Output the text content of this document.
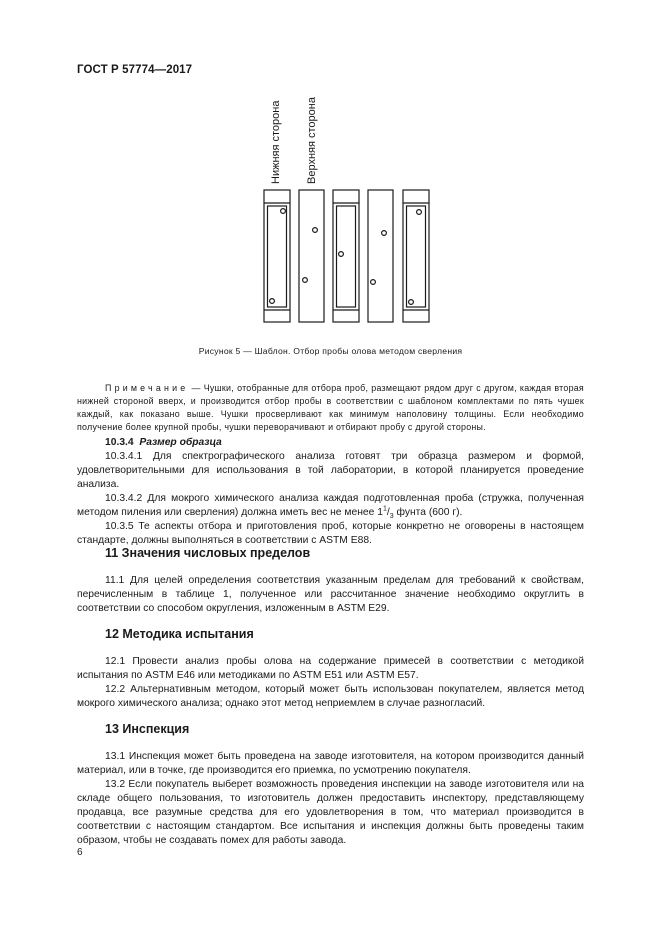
ГОСТ Р 57774—2017
Нижняя сторона Верхняя сторона
Рисунок 5 — Шаблон. Отбор пробы олова методом сверления

Примечание — Чушки, отобранные для отбора проб, размещают рядом друг с другом, каждая вторая нижней стороной вверх, и производится отбор пробы в соответствии с шаблоном комплектами по пять чушек каждый, как показано выше. Чушки просверливают как минимум наполовину толщины. Если необходимо получение более крупной пробы, чушки переворачивают и отбирают пробу с другой стороны.

10.3.4 Размер образца

10.3.4.1 Для спектрографического анализа готовят три образца размером и формой, удовлетворительными для использования в той лаборатории, в которой планируется проведение анализа.

10.3.4.2 Для мокрого химического анализа каждая подготовленная проба (стружка, полученная методом пиления или сверления) должна иметь вес не менее $1^1/_3$ фунта (600 г).

10.3.5 Те аспекты отбора и приготовления проб, которые конкретно не оговорены в настоящем стандарте, должны выполняться в соответствии с ASTM E88.

11 Значения числовых пределов

11.1 Для целей определения соответствия указанным пределам для требований к свойствам, перечисленным в таблице 1, полученное или рассчитанное значение необходимо округлить в соответствии со способом округления, изложенным в ASTM E29.

12 Методика испытания

12.1 Провести анализ пробы олова на содержание примесей в соответствии с методикой испытания по ASTM E46 или методиками по ASTM E51 или ASTM E57.

12.2 Альтернативным методом, который может быть использован покупателем, является метод мокрого химического анализа; однако этот метод неприемлем в случае разногласий.

13 Инспекция

13.1 Инспекция может быть проведена на заводе изготовителя, на котором производится данный материал, или в точке, где производится его приемка, по усмотрению покупателя.

13.2 Если покупатель выберет возможность проведения инспекции на заводе изготовителя или на складе общего пользования, то изготовитель должен предоставить инспектору, представляющему продавца, все разумные средства для его удовлетворения в том, что материал производится в соответствии с настоящим стандартом. Все испытания и инспекция должны быть проведены таким образом, чтобы не создавать помех для работы завода.

6
